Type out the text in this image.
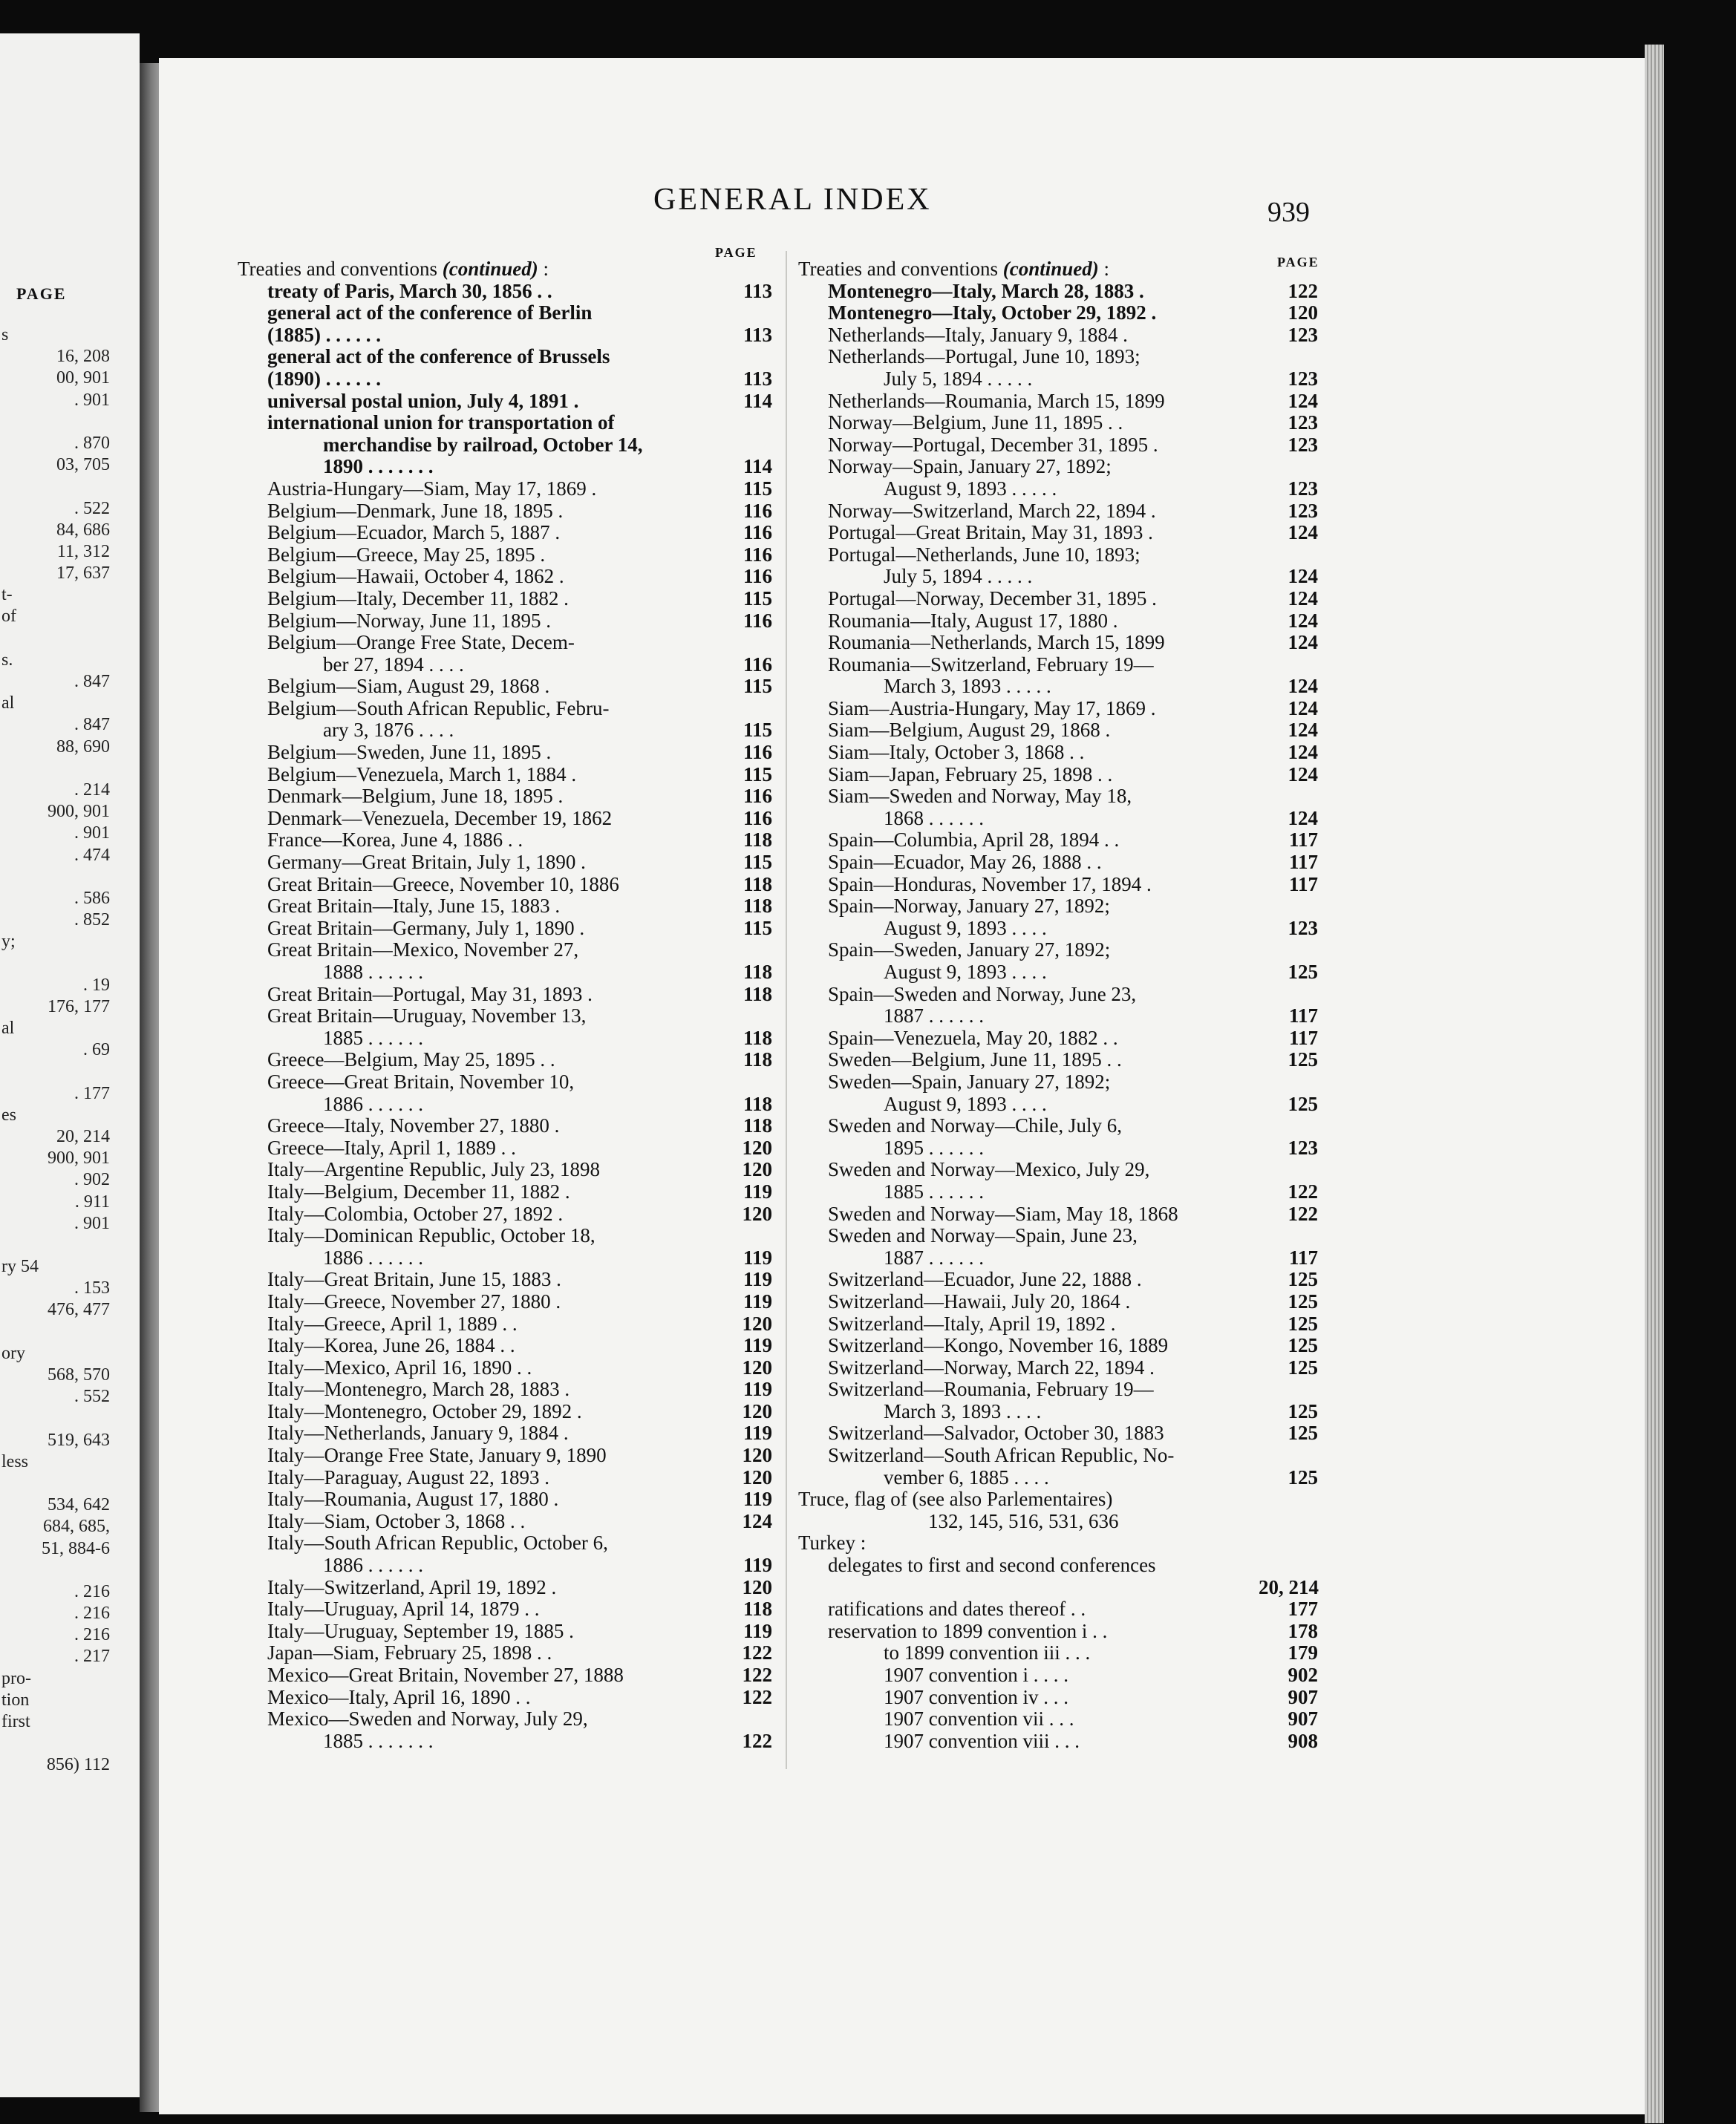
PAGE
s
16, 208
00, 901
. 901
. 870
03, 705
. 522
84, 686
11, 312
17, 637
t-
of
s.
. 847
al
. 847
88, 690
. 214
900, 901
. 901
. 474
. 586
. 852
y;
. 19
176, 177
al
. 69
. 177
es
20, 214
900, 901
. 902
. 911
. 901
ry 54
. 153
476, 477
ory
568, 570
. 552
519, 643
less
534, 642
684, 685,
51, 884-6
. 216
. 216
. 216
. 217
pro-
tion
first
856) 112
GENERAL INDEX	939
PAGE
PAGE
Treaties and conventions (continued) :
treaty of Paris, March 30, 1856 . .	113
general act of the conference of Berlin
(1885) . . . . . .	113
general act of the conference of Brussels
(1890) . . . . . .	113
universal postal union, July 4, 1891 .	114
international union for transportation of
merchandise by railroad, October 14,
1890 . . . . . . .	114
Austria-Hungary—Siam, May 17, 1869 .	115
Belgium—Denmark, June 18, 1895 .	116
Belgium—Ecuador, March 5, 1887 .	116
Belgium—Greece, May 25, 1895 .	116
Belgium—Hawaii, October 4, 1862 .	116
Belgium—Italy, December 11, 1882 .	115
Belgium—Norway, June 11, 1895 .	116
Belgium—Orange Free State, Decem-
ber 27, 1894 . . . .	116
Belgium—Siam, August 29, 1868 .	115
Belgium—South African Republic, Febru-
ary 3, 1876 . . . .	115
Belgium—Sweden, June 11, 1895 .	116
Belgium—Venezuela, March 1, 1884 .	115
Denmark—Belgium, June 18, 1895 .	116
Denmark—Venezuela, December 19, 1862	116
France—Korea, June 4, 1886 . .	118
Germany—Great Britain, July 1, 1890 .	115
Great Britain—Greece, November 10, 1886	118
Great Britain—Italy, June 15, 1883 .	118
Great Britain—Germany, July 1, 1890 .	115
Great Britain—Mexico, November 27,
1888 . . . . . .	118
Great Britain—Portugal, May 31, 1893 .	118
Great Britain—Uruguay, November 13,
1885 . . . . . .	118
Greece—Belgium, May 25, 1895 . .	118
Greece—Great Britain, November 10,
1886 . . . . . .	118
Greece—Italy, November 27, 1880 .	118
Greece—Italy, April 1, 1889 . .	120
Italy—Argentine Republic, July 23, 1898	120
Italy—Belgium, December 11, 1882 .	119
Italy—Colombia, October 27, 1892 .	120
Italy—Dominican Republic, October 18,
1886 . . . . . .	119
Italy—Great Britain, June 15, 1883 .	119
Italy—Greece, November 27, 1880 .	119
Italy—Greece, April 1, 1889 . .	120
Italy—Korea, June 26, 1884 . .	119
Italy—Mexico, April 16, 1890 . .	120
Italy—Montenegro, March 28, 1883 .	119
Italy—Montenegro, October 29, 1892 .	120
Italy—Netherlands, January 9, 1884 .	119
Italy—Orange Free State, January 9, 1890	120
Italy—Paraguay, August 22, 1893 .	120
Italy—Roumania, August 17, 1880 .	119
Italy—Siam, October 3, 1868 . .	124
Italy—South African Republic, October 6,
1886 . . . . . .	119
Italy—Switzerland, April 19, 1892 .	120
Italy—Uruguay, April 14, 1879 . .	118
Italy—Uruguay, September 19, 1885 .	119
Japan—Siam, February 25, 1898 . .	122
Mexico—Great Britain, November 27, 1888	122
Mexico—Italy, April 16, 1890 . .	122
Mexico—Sweden and Norway, July 29,
1885 . . . . . . .	122
Treaties and conventions (continued) :
Montenegro—Italy, March 28, 1883 .	122
Montenegro—Italy, October 29, 1892 .	120
Netherlands—Italy, January 9, 1884 .	123
Netherlands—Portugal, June 10, 1893;
July 5, 1894 . . . . .	123
Netherlands—Roumania, March 15, 1899	124
Norway—Belgium, June 11, 1895 . .	123
Norway—Portugal, December 31, 1895 .	123
Norway—Spain, January 27, 1892;
August 9, 1893 . . . . .	123
Norway—Switzerland, March 22, 1894 .	123
Portugal—Great Britain, May 31, 1893 .	124
Portugal—Netherlands, June 10, 1893;
July 5, 1894 . . . . .	124
Portugal—Norway, December 31, 1895 .	124
Roumania—Italy, August 17, 1880 .	124
Roumania—Netherlands, March 15, 1899	124
Roumania—Switzerland, February 19—
March 3, 1893 . . . . .	124
Siam—Austria-Hungary, May 17, 1869 .	124
Siam—Belgium, August 29, 1868 .	124
Siam—Italy, October 3, 1868 . .	124
Siam—Japan, February 25, 1898 . .	124
Siam—Sweden and Norway, May 18,
1868 . . . . . .	124
Spain—Columbia, April 28, 1894 . .	117
Spain—Ecuador, May 26, 1888 . .	117
Spain—Honduras, November 17, 1894 .	117
Spain—Norway, January 27, 1892;
August 9, 1893 . . . .	123
Spain—Sweden, January 27, 1892;
August 9, 1893 . . . .	125
Spain—Sweden and Norway, June 23,
1887 . . . . . .	117
Spain—Venezuela, May 20, 1882 . .	117
Sweden—Belgium, June 11, 1895 . .	125
Sweden—Spain, January 27, 1892;
August 9, 1893 . . . .	125
Sweden and Norway—Chile, July 6,
1895 . . . . . .	123
Sweden and Norway—Mexico, July 29,
1885 . . . . . .	122
Sweden and Norway—Siam, May 18, 1868	122
Sweden and Norway—Spain, June 23,
1887 . . . . . .	117
Switzerland—Ecuador, June 22, 1888 .	125
Switzerland—Hawaii, July 20, 1864 .	125
Switzerland—Italy, April 19, 1892 .	125
Switzerland—Kongo, November 16, 1889	125
Switzerland—Norway, March 22, 1894 .	125
Switzerland—Roumania, February 19—
March 3, 1893 . . . .	125
Switzerland—Salvador, October 30, 1883	125
Switzerland—South African Republic, No-
vember 6, 1885 . . . .	125
Truce, flag of (see also Parlementaires)
132, 145, 516, 531, 636
Turkey :
delegates to first and second conferences
20, 214
ratifications and dates thereof . .	177
reservation to 1899 convention i . .	178
to 1899 convention iii . . .	179
1907 convention i . . . .	902
1907 convention iv . . .	907
1907 convention vii . . .	907
1907 convention viii . . .	908
